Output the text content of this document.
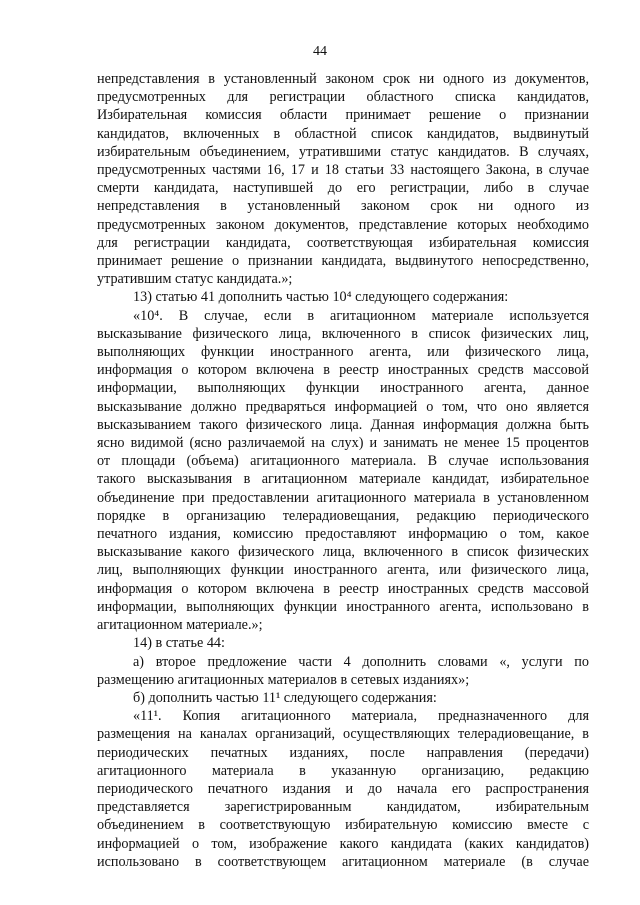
44

непредставления в установленный законом срок ни одного из документов,

предусмотренных для регистрации областного списка кандидатов,

Избирательная комиссия области принимает решение о признании

кандидатов, включенных в областной список кандидатов, выдвинутый

избирательным объединением, утратившими статус кандидатов. В случаях,

предусмотренных частями 16, 17 и 18 статьи 33 настоящего Закона, в случае

смерти кандидата, наступившей до его регистрации, либо в случае

непредставления в установленный законом срок ни одного из

предусмотренных законом документов, представление которых необходимо

для регистрации кандидата, соответствующая избирательная комиссия

принимает решение о признании кандидата, выдвинутого непосредственно,

утратившим статус кандидата.»;

13) статью 41 дополнить частью 10⁴ следующего содержания:

«10⁴. В случае, если в агитационном материале используется

высказывание физического лица, включенного в список физических лиц,

выполняющих функции иностранного агента, или физического лица,

информация о котором включена в реестр иностранных средств массовой

информации, выполняющих функции иностранного агента, данное

высказывание должно предваряться информацией о том, что оно является

высказыванием такого физического лица. Данная информация должна быть

ясно видимой (ясно различаемой на слух) и занимать не менее 15 процентов

от площади (объема) агитационного материала. В случае использования

такого высказывания в агитационном материале кандидат, избирательное

объединение при предоставлении агитационного материала в установленном

порядке в организацию телерадиовещания, редакцию периодического

печатного издания, комиссию предоставляют информацию о том, какое

высказывание какого физического лица, включенного в список физических

лиц, выполняющих функции иностранного агента, или физического лица,

информация о котором включена в реестр иностранных средств массовой

информации, выполняющих функции иностранного агента, использовано в

агитационном материале.»;

14) в статье 44:

а) второе предложение части 4 дополнить словами «, услуги по

размещению агитационных материалов в сетевых изданиях»;

б) дополнить частью 11¹ следующего содержания:

«11¹. Копия агитационного материала, предназначенного для

размещения на каналах организаций, осуществляющих телерадиовещание, в

периодических печатных изданиях, после направления (передачи)

агитационного материала в указанную организацию, редакцию

периодического печатного издания и до начала его распространения

представляется зарегистрированным кандидатом, избирательным

объединением в соответствующую избирательную комиссию вместе с

информацией о том, изображение какого кандидата (каких кандидатов)

использовано в соответствующем агитационном материале (в случае
